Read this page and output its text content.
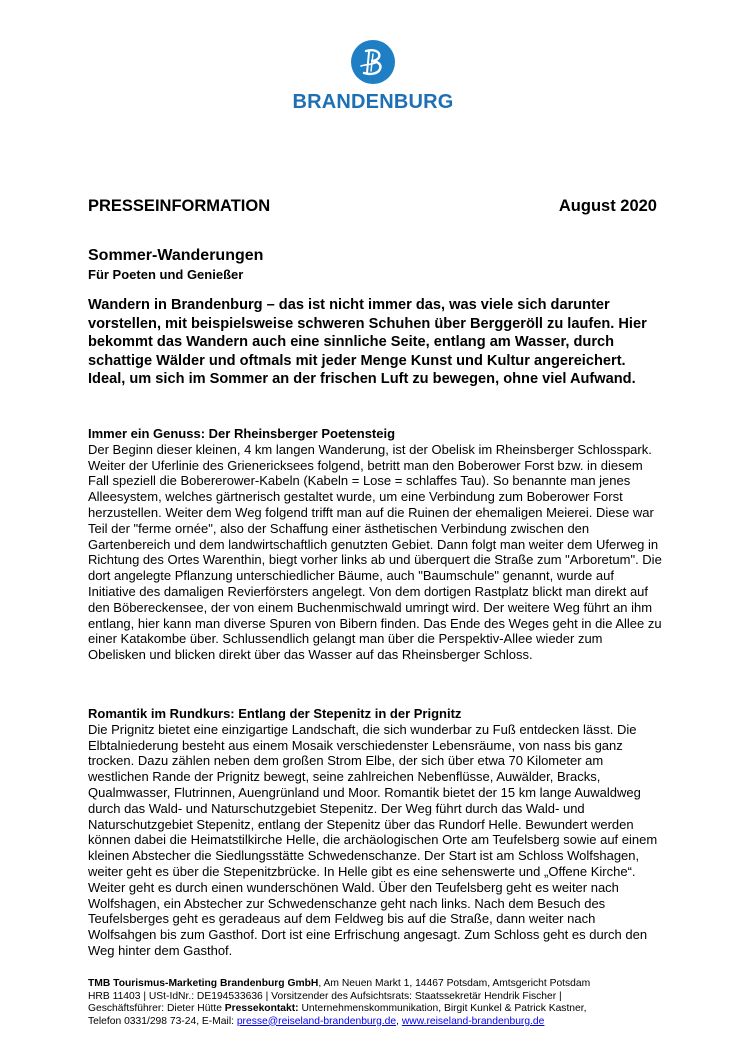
BRANDENBURG
PRESSEINFORMATION	August 2020
Sommer-Wanderungen
Für Poeten und Genießer
Wandern in Brandenburg – das ist nicht immer das, was viele sich darunter vorstellen, mit beispielsweise schweren Schuhen über Berggeröll zu laufen. Hier bekommt das Wandern auch eine sinnliche Seite, entlang am Wasser, durch schattige Wälder und oftmals mit jeder Menge Kunst und Kultur angereichert. Ideal, um sich im Sommer an der frischen Luft zu bewegen, ohne viel Aufwand.
Immer ein Genuss: Der Rheinsberger Poetensteig

Der Beginn dieser kleinen, 4 km langen Wanderung, ist der Obelisk im Rheinsberger Schlosspark. Weiter der Uferlinie des Grienericksees folgend, betritt man den Boberower Forst bzw. in diesem Fall speziell die Bobererower-Kabeln (Kabeln = Lose = schlaffes Tau). So benannte man jenes Alleesystem, welches gärtnerisch gestaltet wurde, um eine Verbindung zum Boberower Forst herzustellen. Weiter dem Weg folgend trifft man auf die Ruinen der ehemaligen Meierei. Diese war Teil der "ferme ornée", also der Schaffung einer ästhetischen Verbindung zwischen den Gartenbereich und dem landwirtschaftlich genutzten Gebiet. Dann folgt man weiter dem Uferweg in Richtung des Ortes Warenthin, biegt vorher links ab und überquert die Straße zum "Arboretum". Die dort angelegte Pflanzung unterschiedlicher Bäume, auch "Baumschule" genannt, wurde auf Initiative des damaligen Revierförsters angelegt. Von dem dortigen Rastplatz blickt man direkt auf den Böbereckensee, der von einem Buchenmischwald umringt wird. Der weitere Weg führt an ihm entlang, hier kann man diverse Spuren von Bibern finden. Das Ende des Weges geht in die Allee zu einer Katakombe über. Schlussendlich gelangt man über die Perspektiv-Allee wieder zum Obelisken und blicken direkt über das Wasser auf das Rheinsberger Schloss.

Romantik im Rundkurs: Entlang der Stepenitz in der Prignitz

Die Prignitz bietet eine einzigartige Landschaft, die sich wunderbar zu Fuß entdecken lässt. Die Elbtalniederung besteht aus einem Mosaik verschiedenster Lebensräume, von nass bis ganz trocken. Dazu zählen neben dem großen Strom Elbe, der sich über etwa 70 Kilometer am westlichen Rande der Prignitz bewegt, seine zahlreichen Nebenflüsse, Auwälder, Bracks, Qualmwasser, Flutrinnen, Auengrünland und Moor. Romantik bietet der 15 km lange Auwaldweg durch das Wald- und Naturschutzgebiet Stepenitz. Der Weg führt durch das Wald- und Naturschutzgebiet Stepenitz, entlang der Stepenitz über das Rundorf Helle. Bewundert werden können dabei die Heimatstilkirche Helle, die archäologischen Orte am Teufelsberg sowie auf einem kleinen Abstecher die Siedlungsstätte Schwedenschanze. Der Start ist am Schloss Wolfshagen, weiter geht es über die Stepenitzbrücke. In Helle gibt es eine sehenswerte und „Offene Kirche“. Weiter geht es durch einen wunderschönen Wald. Über den Teufelsberg geht es weiter nach Wolfshagen, ein Abstecher zur Schwedenschanze geht nach links. Nach dem Besuch des Teufelsberges geht es geradeaus auf dem Feldweg bis auf die Straße, dann weiter nach Wolfsahgen bis zum Gasthof. Dort ist eine Erfrischung angesagt. Zum Schloss geht es durch den Weg hinter dem Gasthof.

TMB Tourismus-Marketing Brandenburg GmbH, Am Neuen Markt 1, 14467 Potsdam, Amtsgericht Potsdam
HRB 11403 | USt-IdNr.: DE194533636 | Vorsitzender des Aufsichtsrats: Staatssekretär Hendrik Fischer |
Geschäftsführer: Dieter Hütte Pressekontakt: Unternehmenskommunikation, Birgit Kunkel & Patrick Kastner,
Telefon 0331/298 73-24, E-Mail: presse@reiseland-brandenburg.de, www.reiseland-brandenburg.de
